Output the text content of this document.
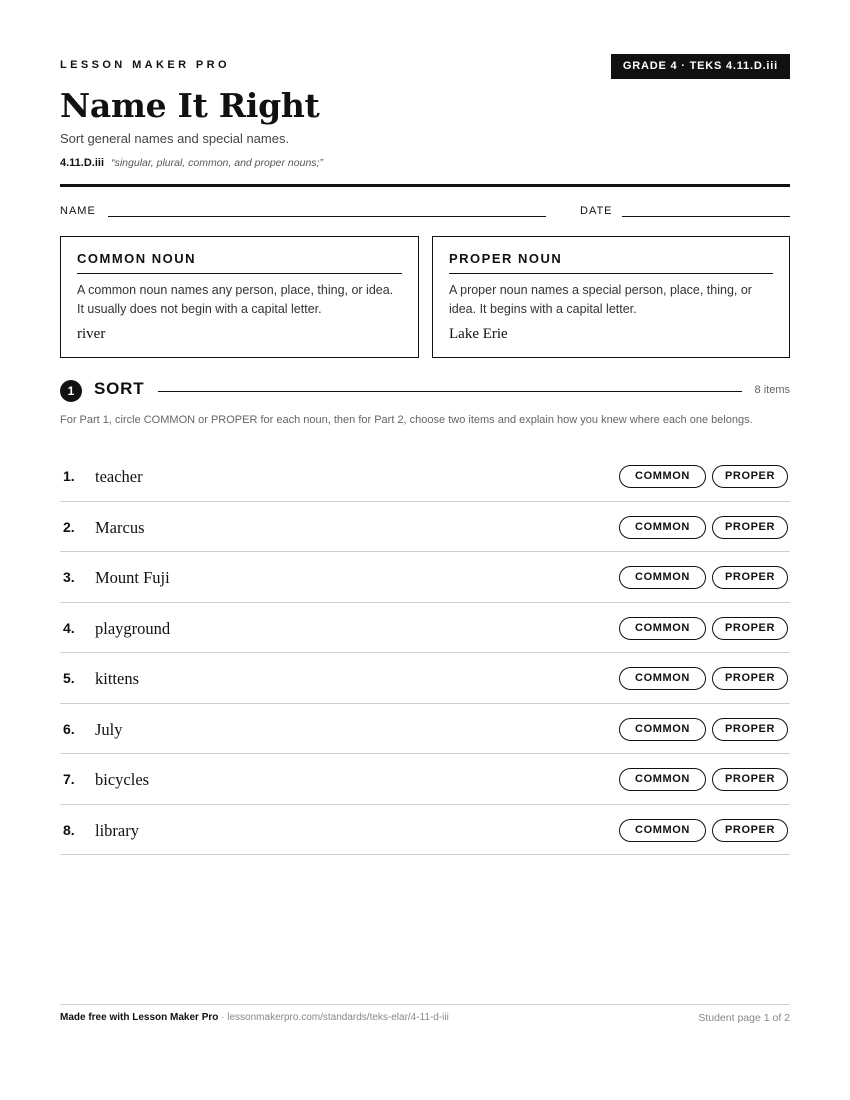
LESSON MAKER PRO	GRADE 4 · TEKS 4.11.D.iii
Name It Right
Sort general names and special names.
4.11.D.iii “singular, plural, common, and proper nouns;”
NAME	DATE
COMMON NOUN
A common noun names any person, place, thing, or idea. It usually does not begin with a capital letter.
river
PROPER NOUN
A proper noun names a special person, place, thing, or idea. It begins with a capital letter.
Lake Erie
1	SORT	8 items
For Part 1, circle COMMON or PROPER for each noun, then for Part 2, choose two items and explain how you knew where each one belongs.
1. teacher	COMMON	PROPER
2. Marcus	COMMON	PROPER
3. Mount Fuji	COMMON	PROPER
4. playground	COMMON	PROPER
5. kittens	COMMON	PROPER
6. July	COMMON	PROPER
7. bicycles	COMMON	PROPER
8. library	COMMON	PROPER
Made free with Lesson Maker Pro · lessonmakerpro.com/standards/teks-elar/4-11-d-iii	Student page 1 of 2
